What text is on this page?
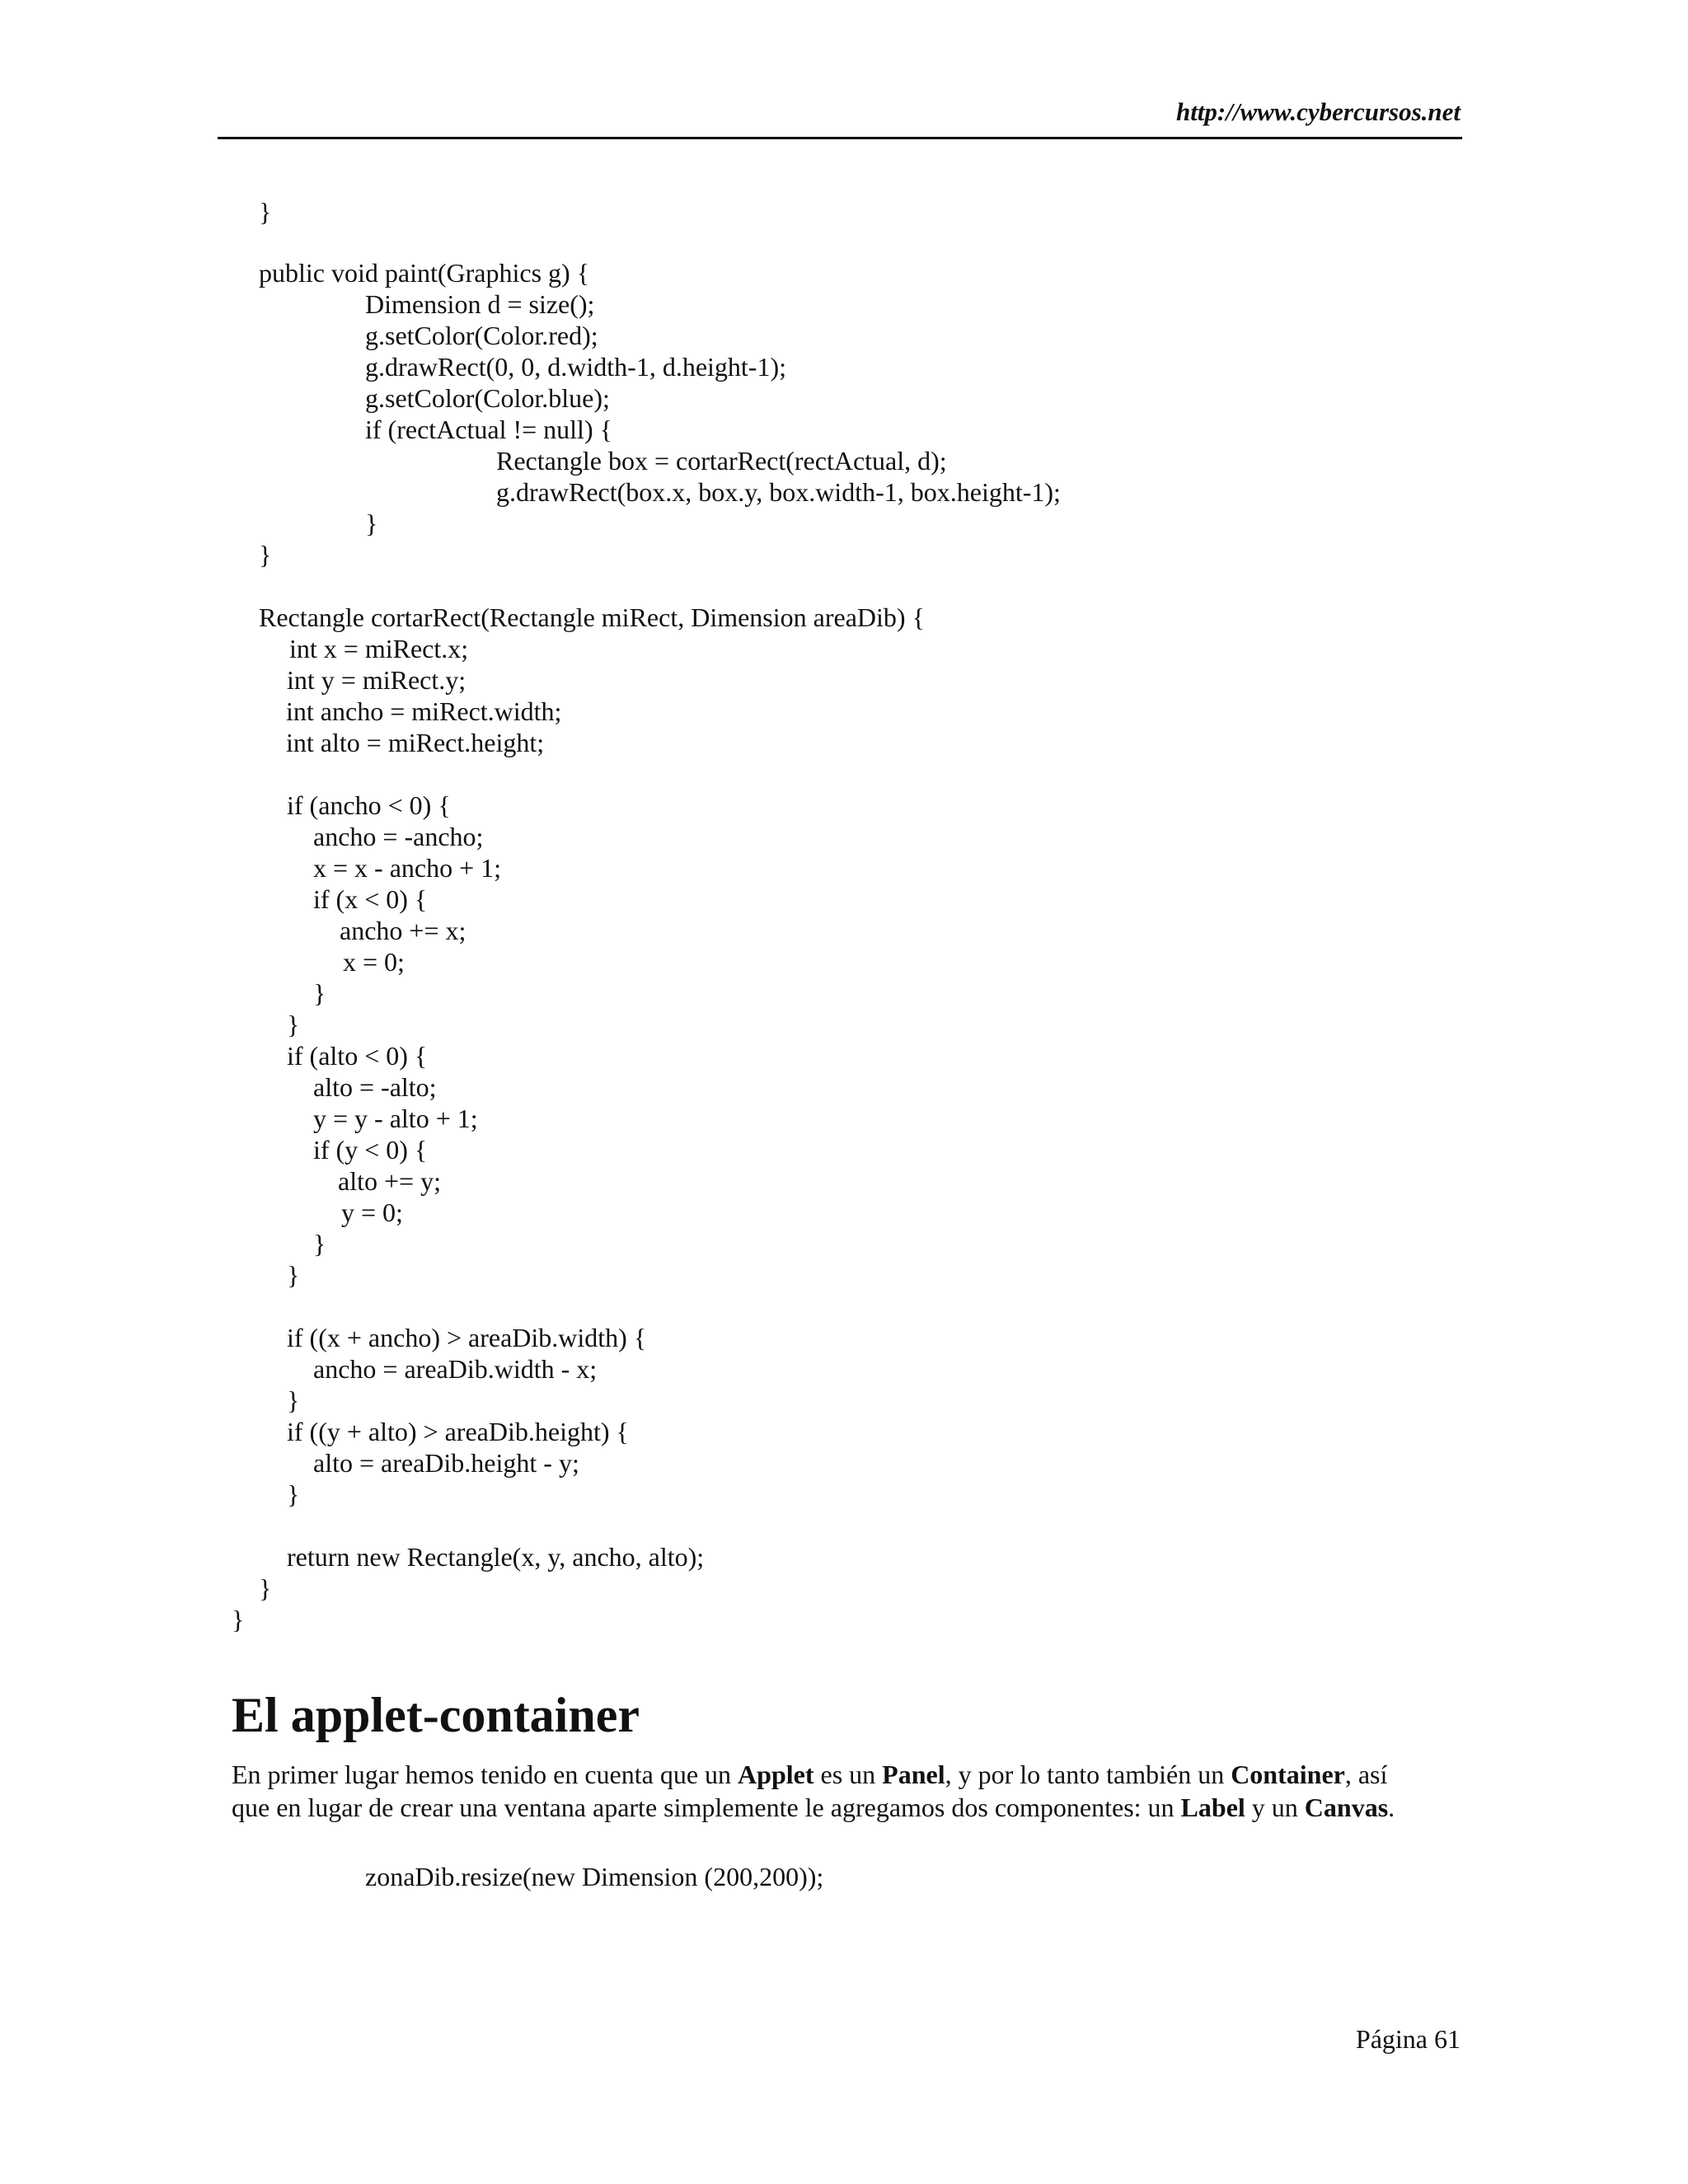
http://www.cybercursos.net
}
public void paint(Graphics g) {
Dimension d = size();
g.setColor(Color.red);
g.drawRect(0, 0, d.width-1, d.height-1);
g.setColor(Color.blue);
if (rectActual != null) {
Rectangle box = cortarRect(rectActual, d);
g.drawRect(box.x, box.y, box.width-1, box.height-1);
}
}
Rectangle cortarRect(Rectangle miRect, Dimension areaDib) {
int x = miRect.x;
int y = miRect.y;
int ancho = miRect.width;
int alto = miRect.height;
if (ancho < 0) {
ancho = -ancho;
x = x - ancho + 1;
if (x < 0) {
ancho += x;
x = 0;
}
}
if (alto < 0) {
alto = -alto;
y = y - alto + 1;
if (y < 0) {
alto += y;
y = 0;
}
}
if ((x + ancho) > areaDib.width) {
ancho = areaDib.width - x;
}
if ((y + alto) > areaDib.height) {
alto = areaDib.height - y;
}
return new Rectangle(x, y, ancho, alto);
}
}
El applet-container
En primer lugar hemos tenido en cuenta que un Applet es un Panel, y por lo tanto también un Container, así
que en lugar de crear una ventana aparte simplemente le agregamos dos componentes: un Label y un Canvas.
zonaDib.resize(new Dimension (200,200));
Página 61
